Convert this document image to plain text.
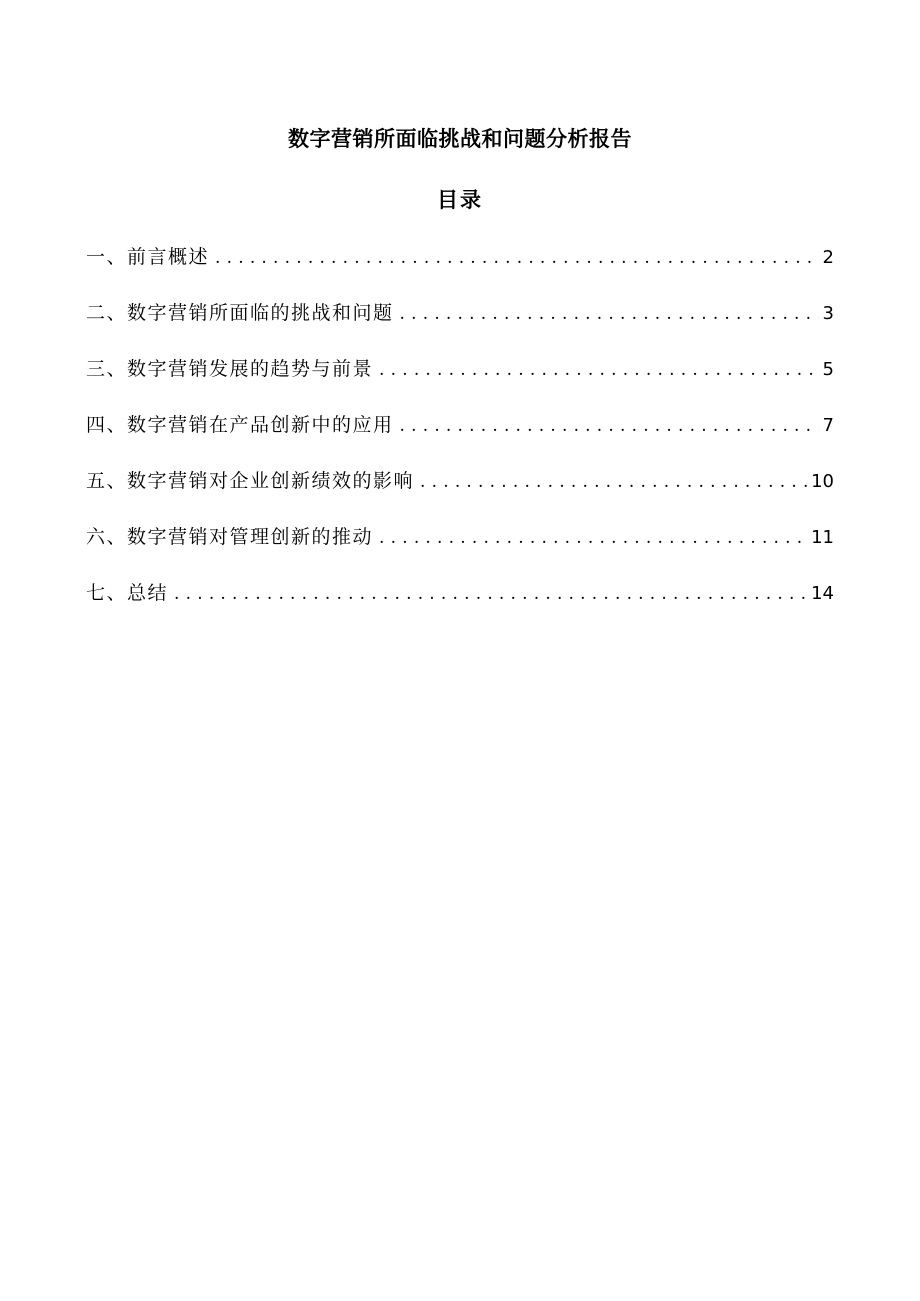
数字营销所面临挑战和问题分析报告
目录
一、前言概述 .....	2
二、数字营销所面临的挑战和问题 .....	3
三、数字营销发展的趋势与前景 .....	5
四、数字营销在产品创新中的应用 .....	7
五、数字营销对企业创新绩效的影响 .....	10
六、数字营销对管理创新的推动 .....	11
七、总结 .....	14
